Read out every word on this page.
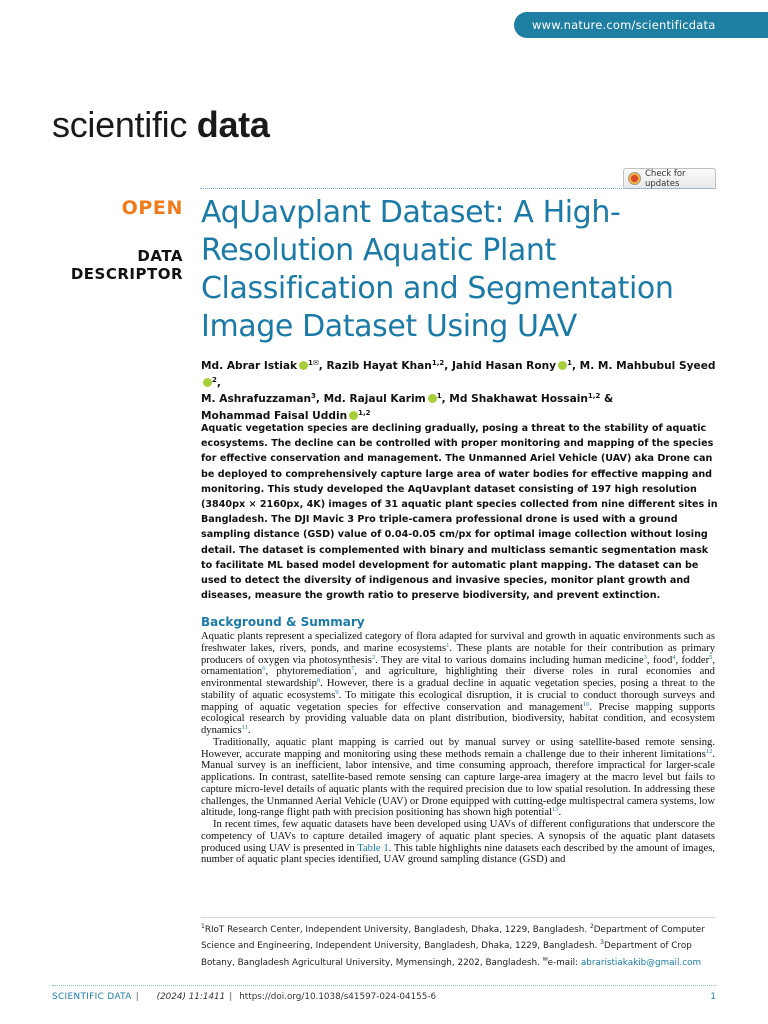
www.nature.com/scientificdata
scientific data
Check for updates
OPEN
DATA DESCRIPTOR
AqUavplant Dataset: A High-Resolution Aquatic Plant Classification and Segmentation Image Dataset Using UAV
Md. Abrar Istiak $^{1✉}$, Razib Hayat Khan$^{1,2}$, Jahid Hasan Rony $^1$, M. M. Mahbubul Syeed$^2$,
M. Ashrafuzzaman$^3$, Md. Rajaul Karim $^1$, Md Shakhawat Hossain$^{1,2}$ &
Mohammad Faisal Uddin $^{1,2}$

Aquatic vegetation species are declining gradually, posing a threat to the stability of aquatic ecosystems. The decline can be controlled with proper monitoring and mapping of the species for effective conservation and management. The Unmanned Ariel Vehicle (UAV) aka Drone can be deployed to comprehensively capture large area of water bodies for effective mapping and monitoring. This study developed the AqUavplant dataset consisting of 197 high resolution (3840px × 2160px, 4K) images of 31 aquatic plant species collected from nine different sites in Bangladesh. The DJI Mavic 3 Pro triple-camera professional drone is used with a ground sampling distance (GSD) value of 0.04-0.05 cm/px for optimal image collection without losing detail. The dataset is complemented with binary and multiclass semantic segmentation mask to facilitate ML based model development for automatic plant mapping. The dataset can be used to detect the diversity of indigenous and invasive species, monitor plant growth and diseases, measure the growth ratio to preserve biodiversity, and prevent extinction.

Background & Summary

Aquatic plants represent a specialized category of flora adapted for survival and growth in aquatic environments such as freshwater lakes, rivers, ponds, and marine ecosystems$^1$. These plants are notable for their contribution as primary producers of oxygen via photosynthesis$^2$. They are vital to various domains including human medicine$^3$, food$^4$, fodder$^5$, ornamentation$^6$, phytoremediation$^7$, and agriculture, highlighting their diverse roles in rural economies and environmental stewardship$^8$. However, there is a gradual decline in aquatic vegetation species, posing a threat to the stability of aquatic ecosystems$^9$. To mitigate this ecological disruption, it is crucial to conduct thorough surveys and mapping of aquatic vegetation species for effective conservation and management$^{10}$. Precise mapping supports ecological research by providing valuable data on plant distribution, biodiversity, habitat condition, and ecosystem dynamics$^{11}$.

Traditionally, aquatic plant mapping is carried out by manual survey or using satellite-based remote sensing. However, accurate mapping and monitoring using these methods remain a challenge due to their inherent limitations$^{12}$. Manual survey is an inefficient, labor intensive, and time consuming approach, therefore impractical for larger-scale applications. In contrast, satellite-based remote sensing can capture large-area imagery at the macro level but fails to capture micro-level details of aquatic plants with the required precision due to low spatial resolution. In addressing these challenges, the Unmanned Aerial Vehicle (UAV) or Drone equipped with cutting-edge multispectral camera systems, low altitude, long-range flight path with precision positioning has shown high potential$^{13}$.

In recent times, few aquatic datasets have been developed using UAVs of different configurations that underscore the competency of UAVs to capture detailed imagery of aquatic plant species. A synopsis of the aquatic plant datasets produced using UAV is presented in Table 1. This table highlights nine datasets each described by the amount of images, number of aquatic plant species identified, UAV ground sampling distance (GSD) and

$^1$RIoT Research Center, Independent University, Bangladesh, Dhaka, 1229, Bangladesh. $^2$Department of Computer Science and Engineering, Independent University, Bangladesh, Dhaka, 1229, Bangladesh. $^3$Department of Crop Botany, Bangladesh Agricultural University, Mymensingh, 2202, Bangladesh. ✉e-mail: abraristiakakib@gmail.com
SCIENTIFIC DATA | (2024) 11:1411 | https://doi.org/10.1038/s41597-024-04155-6	1
